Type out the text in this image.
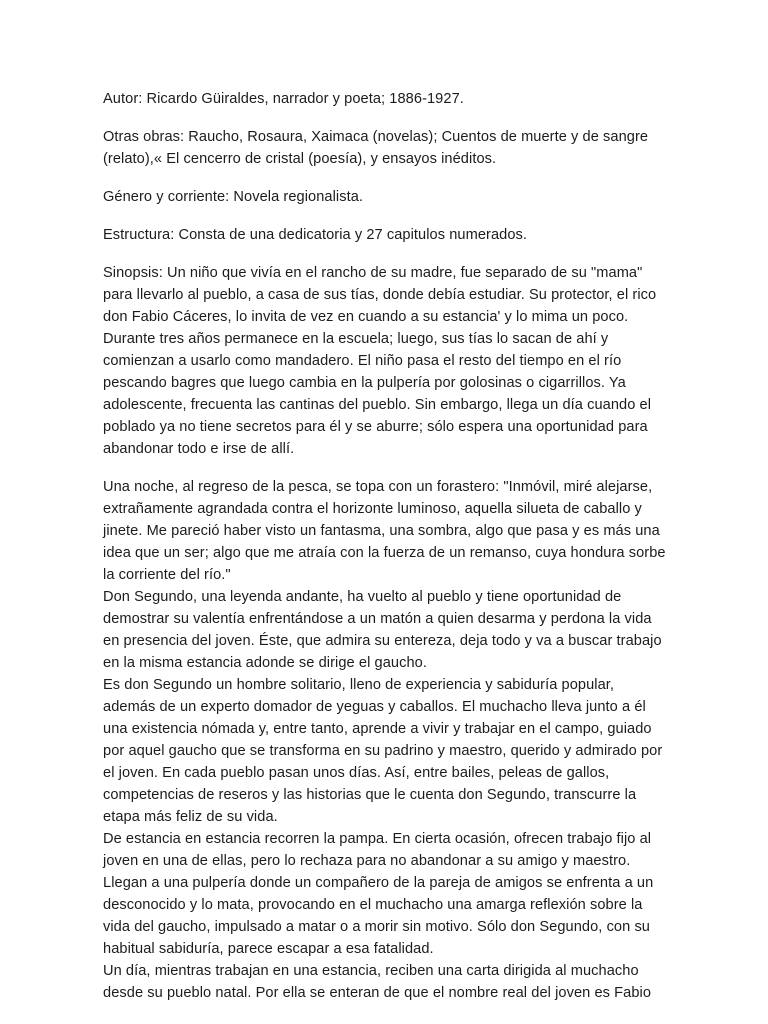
Autor: Ricardo Güiraldes, narrador y poeta; 1886-1927.

Otras obras: Raucho, Rosaura, Xaimaca (novelas); Cuentos de muerte y de sangre
(relato),« El cencerro de cristal (poesía), y ensayos inéditos.

Género y corriente: Novela regionalista.

Estructura: Consta de una dedicatoria y 27 capitulos numerados.

Sinopsis: Un niño que vivía en el rancho de su madre, fue separado de su "mama"
para llevarlo al pueblo, a casa de sus tías, donde debía estudiar. Su protector, el rico
don Fabio Cáceres, lo invita de vez en cuando a su estancia' y lo mima un poco.
Durante tres años permanece en la escuela; luego, sus tías lo sacan de ahí y
comienzan a usarlo como mandadero. El niño pasa el resto del tiempo en el río
pescando bagres que luego cambia en la pulpería por golosinas o cigarrillos. Ya
adolescente, frecuenta las cantinas del pueblo. Sin embargo, llega un día cuando el
poblado ya no tiene secretos para él y se aburre; sólo espera una oportunidad para
abandonar todo e irse de allí.

Una noche, al regreso de la pesca, se topa con un forastero: "Inmóvil, miré alejarse,
extrañamente agrandada contra el horizonte luminoso, aquella silueta de caballo y
jinete. Me pareció haber visto un fantasma, una sombra, algo que pasa y es más una
idea que un ser; algo que me atraía con la fuerza de un remanso, cuya hondura sorbe
la corriente del río."

Don Segundo, una leyenda andante, ha vuelto al pueblo y tiene oportunidad de
demostrar su valentía enfrentándose a un matón a quien desarma y perdona la vida
en presencia del joven. Éste, que admira su entereza, deja todo y va a buscar trabajo
en la misma estancia adonde se dirige el gaucho.

Es don Segundo un hombre solitario, lleno de experiencia y sabiduría popular,
además de un experto domador de yeguas y caballos. El muchacho lleva junto a él
una existencia nómada y, entre tanto, aprende a vivir y trabajar en el campo, guiado
por aquel gaucho que se transforma en su padrino y maestro, querido y admirado por
el joven. En cada pueblo pasan unos días. Así, entre bailes, peleas de gallos,
competencias de reseros y las historias que le cuenta don Segundo, transcurre la
etapa más feliz de su vida.

De estancia en estancia recorren la pampa. En cierta ocasión, ofrecen trabajo fijo al
joven en una de ellas, pero lo rechaza para no abandonar a su amigo y maestro.
Llegan a una pulpería donde un compañero de la pareja de amigos se enfrenta a un
desconocido y lo mata, provocando en el muchacho una amarga reflexión sobre la
vida del gaucho, impulsado a matar o a morir sin motivo. Sólo don Segundo, con su
habitual sabiduría, parece escapar a esa fatalidad.

Un día, mientras trabajan en una estancia, reciben una carta dirigida al muchacho
desde su pueblo natal. Por ella se enteran de que el nombre real del joven es Fabio
